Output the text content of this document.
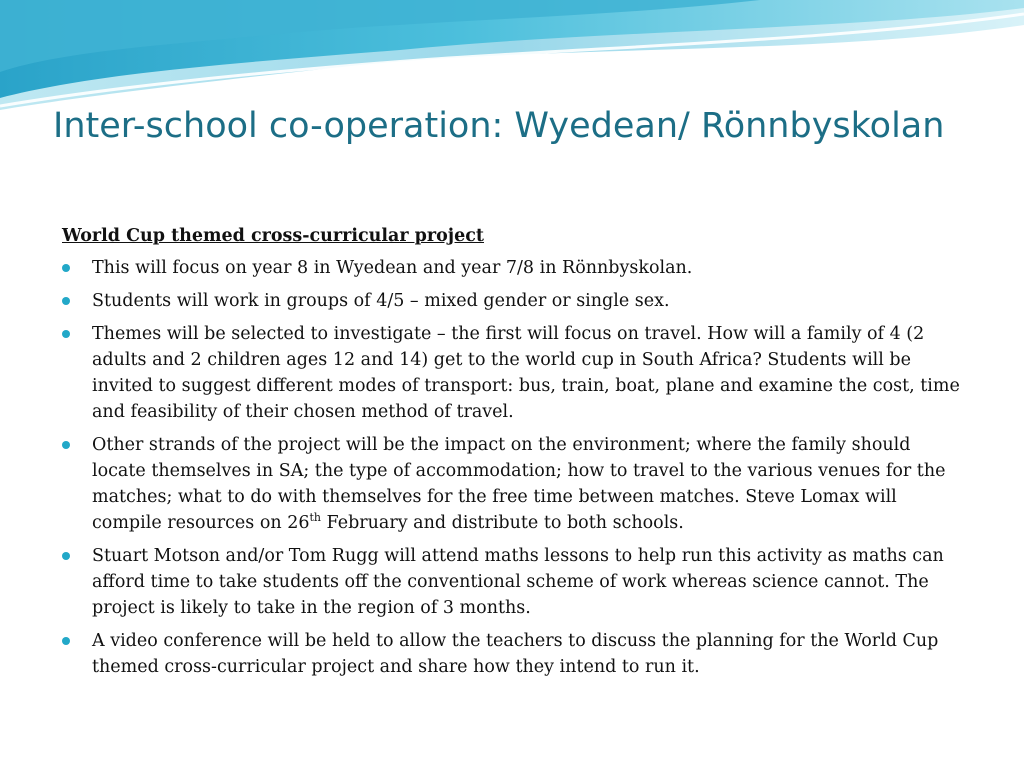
Inter-school co-operation: Wyedean/ Rönnbyskolan
World Cup themed cross-curricular project
This will focus on year 8 in Wyedean and year 7/8 in Rönnbyskolan.
Students will work in groups of 4/5 – mixed gender or single sex.
Themes will be selected to investigate – the first will focus on travel. How will a family of 4 (2 adults and 2 children ages 12 and 14) get to the world cup in South Africa? Students will be invited to suggest different modes of transport: bus, train, boat, plane and examine the cost, time and feasibility of their chosen method of travel.
Other strands of the project will be the impact on the environment; where the family should locate themselves in SA; the type of accommodation; how to travel to the various venues for the matches; what to do with themselves for the free time between matches. Steve Lomax will compile resources on 26th February and distribute to both schools.
Stuart Motson and/or Tom Rugg will attend maths lessons to help run this activity as maths can afford time to take students off the conventional scheme of work whereas science cannot. The project is likely to take in the region of 3 months.
A video conference will be held to allow the teachers to discuss the planning for the World Cup themed cross-curricular project and share how they intend to run it.
